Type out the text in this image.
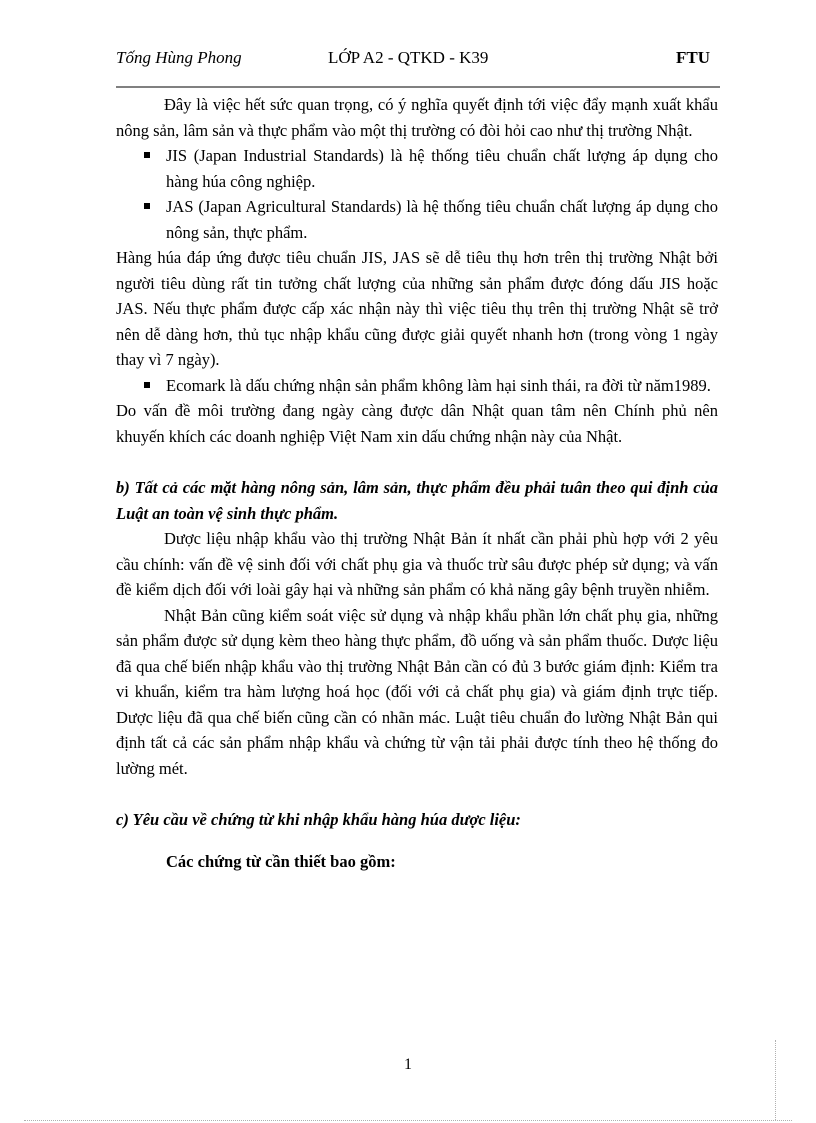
Tống Hùng Phong	LỚP A2 - QTKD - K39	FTU

Đây là việc hết sức quan trọng, có ý nghĩa quyết định tới việc đẩy mạnh xuất khẩu nông sản, lâm sản và thực phẩm vào một thị trường có đòi hỏi cao như thị trường Nhật.

JIS (Japan Industrial Standards) là hệ thống tiêu chuẩn chất lượng áp dụng cho hàng húa công nghiệp.
JAS (Japan Agricultural Standards) là hệ thống tiêu chuẩn chất lượng áp dụng cho nông sản, thực phẩm.

Hàng húa đáp ứng được tiêu chuẩn JIS, JAS sẽ dễ tiêu thụ hơn trên thị trường Nhật bởi người tiêu dùng rất tin tưởng chất lượng của những sản phẩm được đóng dấu JIS hoặc JAS. Nếu thực phẩm được cấp xác nhận này thì việc tiêu thụ trên thị trường Nhật sẽ trở nên dễ dàng hơn, thủ tục nhập khẩu cũng được giải quyết nhanh hơn (trong vòng 1 ngày thay vì 7 ngày).

Ecomark là dấu chứng nhận sản phẩm không làm hại sinh thái, ra đời từ năm1989.

Do vấn đề môi trường đang ngày càng được dân Nhật quan tâm nên Chính phủ nên khuyến khích các doanh nghiệp Việt Nam xin dấu chứng nhận này của Nhật.

b) Tất cả các mặt hàng nông sản, lâm sản, thực phẩm đều phải tuân theo qui định của Luật an toàn vệ sinh thực phẩm.

Dược liệu nhập khẩu vào thị trường Nhật Bản ít nhất cần phải phù hợp với 2 yêu cầu chính: vấn đề vệ sinh đối với chất phụ gia và thuốc trừ sâu được phép sử dụng; và vấn đề kiểm dịch đối với loài gây hại và những sản phẩm có khả năng gây bệnh truyền nhiễm.

Nhật Bản cũng kiểm soát việc sử dụng và nhập khẩu phần lớn chất phụ gia, những sản phẩm được sử dụng kèm theo hàng thực phẩm, đồ uống và sản phẩm thuốc. Dược liệu đã qua chế biến nhập khẩu vào thị trường Nhật Bản cần có đủ 3 bước giám định: Kiểm tra vi khuẩn, kiểm tra hàm lượng hoá học (đối với cả chất phụ gia) và giám định trực tiếp. Dược liệu đã qua chế biến cũng cần có nhãn mác. Luật tiêu chuẩn đo lường Nhật Bản qui định tất cả các sản phẩm nhập khẩu và chứng từ vận tải phải được tính theo hệ thống đo lường mét.

c) Yêu cầu về chứng từ khi nhập khẩu hàng húa dược liệu:

Các chứng từ cần thiết bao gồm:

1
